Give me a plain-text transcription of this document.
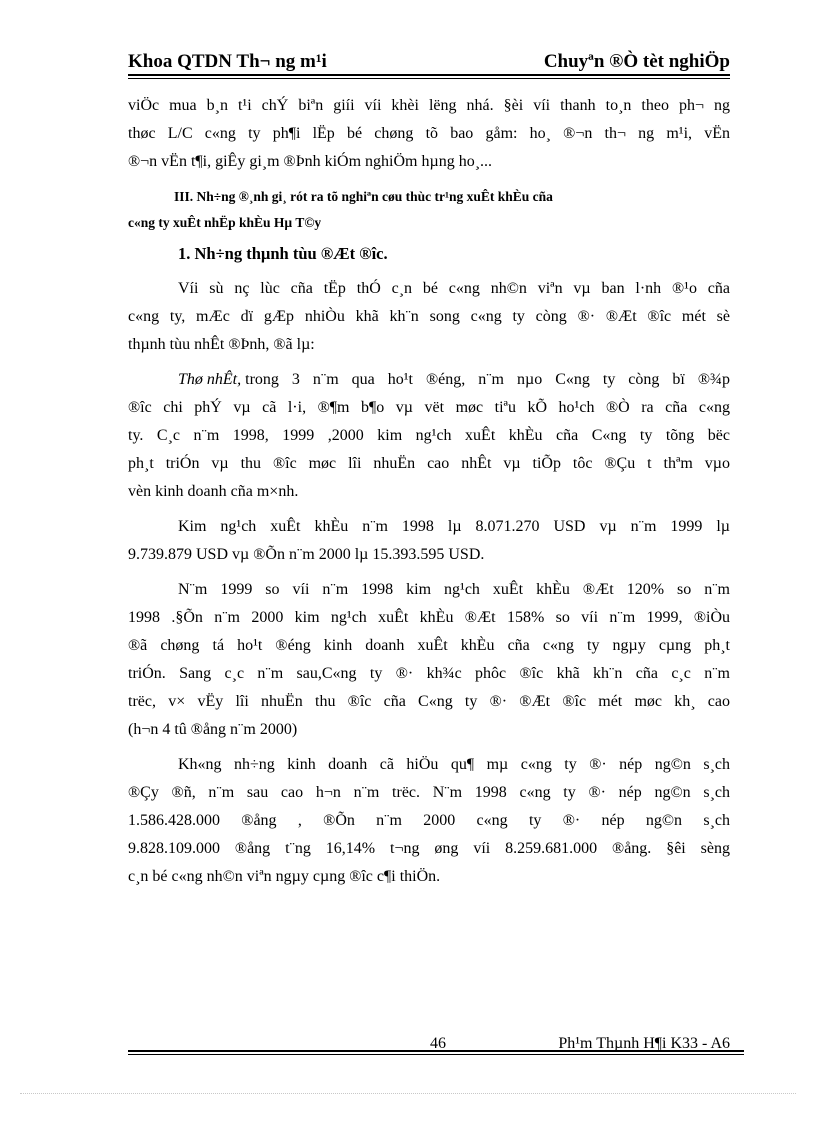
Khoa QTDN Th¬ ng m¹i	Chuyªn ®Ò tèt nghiÖp
viÖc mua b¸n t¹i chÝ biªn giíi víi khèi lëng nhá. §èi víi thanh to¸n theo ph¬ ng
thøc L/C c«ng ty ph¶i lËp bé chøng tõ bao gåm: ho¸ ®¬n th¬ ng m¹i, vËn
®¬n vËn t¶i, giÊy gi¸m ®Þnh kiÓm nghiÖm hµng ho¸...
III. Nh÷ng ®¸nh gi¸ rót ra tõ nghiªn cøu thùc tr¹ng xuÊt khÈu cña
c«ng ty xuÊt nhËp khÈu Hµ T©y
1. Nh÷ng thµnh tùu ®Æt ®îc.
Víi sù nç lùc cña tËp thÓ c¸n bé c«ng nh©n viªn vµ ban l·nh ®¹o cña
c«ng ty, mÆc dï gÆp nhiÒu khã kh¨n song c«ng ty còng ®· ®Æt ®îc mét sè
thµnh tùu nhÊt ®Þnh, ®ã lµ:
Thø nhÊt, trong 3 n¨m qua ho¹t ®éng, n¨m nµo C«ng ty còng bï ®¾p
®îc chi phÝ vµ cã l·i, ®¶m b¶o vµ vët møc tiªu kÕ ho¹ch ®Ò ra cña c«ng
ty. C¸c n¨m 1998, 1999 ,2000 kim ng¹ch xuÊt khÈu cña C«ng ty tõng bëc
ph¸t triÓn vµ thu ®îc møc lîi nhuËn cao nhÊt vµ tiÕp tôc ®Çu t thªm vµo
vèn kinh doanh cña m×nh.
Kim ng¹ch xuÊt khÈu n¨m 1998 lµ 8.071.270 USD vµ n¨m 1999 lµ
9.739.879 USD vµ ®Õn n¨m 2000 lµ 15.393.595 USD.
N¨m 1999 so víi n¨m 1998 kim ng¹ch xuÊt khÈu ®Æt 120% so n¨m
1998 .§Õn n¨m 2000 kim ng¹ch xuÊt khÈu ®Æt 158% so víi n¨m 1999, ®iÒu
®ã chøng tá ho¹t ®éng kinh doanh xuÊt khÈu cña c«ng ty ngµy cµng ph¸t
triÓn. Sang c¸c n¨m sau,C«ng ty ®· kh¾c phôc ®îc khã kh¨n cña c¸c n¨m
trëc, v× vËy lîi nhuËn thu ®îc cña C«ng ty ®· ®Æt ®îc mét møc kh¸ cao
(h¬n 4 tû ®ång n¨m 2000)
Kh«ng nh÷ng kinh doanh cã hiÖu qu¶ mµ c«ng ty ®· nép ng©n s¸ch
®Çy ®ñ, n¨m sau cao h¬n n¨m trëc. N¨m 1998 c«ng ty ®· nép ng©n s¸ch
1.586.428.000 ®ång , ®Õn n¨m 2000 c«ng ty ®· nép ng©n s¸ch
9.828.109.000 ®ång t¨ng 16,14% t¬ng øng víi 8.259.681.000 ®ång. §êi sèng
c¸n bé c«ng nh©n viªn ngµy cµng ®îc c¶i thiÖn.
46	Ph¹m Thµnh H¶i K33 - A6
